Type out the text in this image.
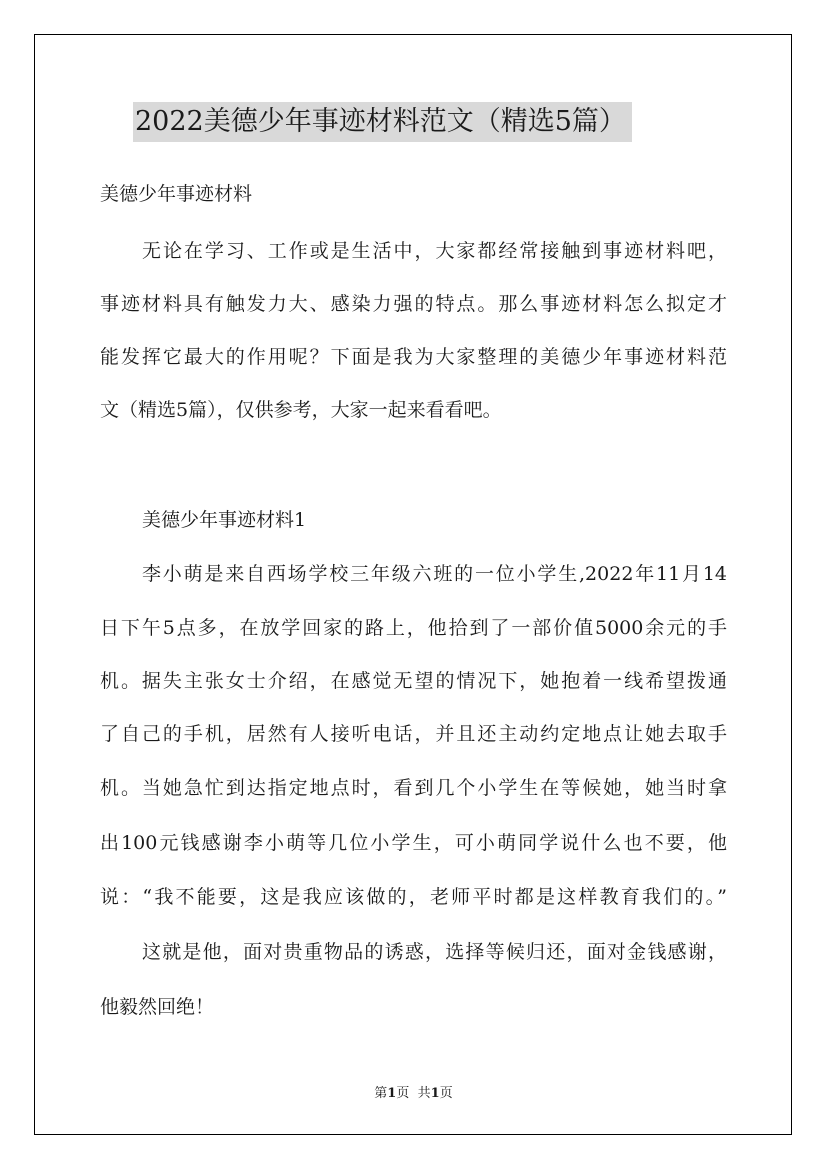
2022美德少年事迹材料范文（精选5篇）
美德少年事迹材料
无论在学习、工作或是生活中，大家都经常接触到事迹材料吧，
事迹材料具有触发力大、感染力强的特点。那么事迹材料怎么拟定才
能发挥它最大的作用呢？下面是我为大家整理的美德少年事迹材料范
文（精选5篇），仅供参考，大家一起来看看吧。
美德少年事迹材料1
李小萌是来自西场学校三年级六班的一位小学生,2022年11月14
日下午5点多，在放学回家的路上，他拾到了一部价值5000余元的手
机。据失主张女士介绍，在感觉无望的情况下，她抱着一线希望拨通
了自己的手机，居然有人接听电话，并且还主动约定地点让她去取手
机。当她急忙到达指定地点时，看到几个小学生在等候她，她当时拿
出100元钱感谢李小萌等几位小学生，可小萌同学说什么也不要，他
说：“我不能要，这是我应该做的，老师平时都是这样教育我们的。”
这就是他，面对贵重物品的诱惑，选择等候归还，面对金钱感谢，
他毅然回绝！
第1页 共1页
